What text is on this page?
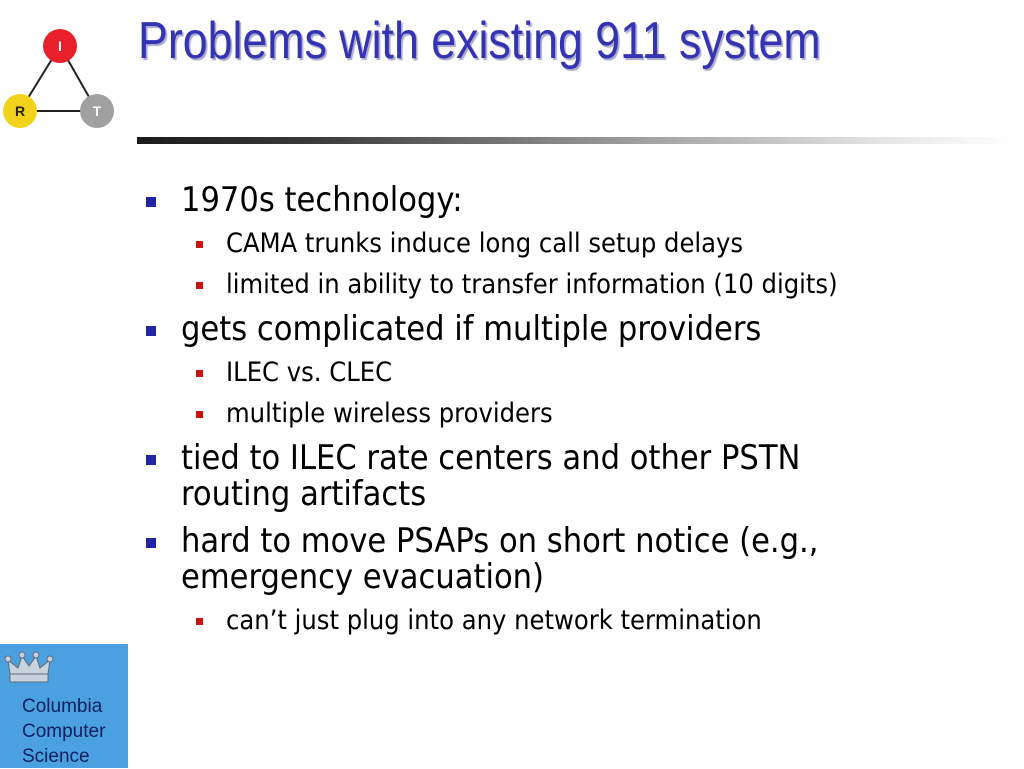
I
R	T
Problems with existing 911 system
1970s technology:
CAMA trunks induce long call setup delays
limited in ability to transfer information (10 digits)
gets complicated if multiple providers
ILEC vs. CLEC
multiple wireless providers
tied to ILEC rate centers and other PSTN
routing artifacts
hard to move PSAPs on short notice (e.g.,
emergency evacuation)
can’t just plug into any network termination
Columbia
Computer
Science
